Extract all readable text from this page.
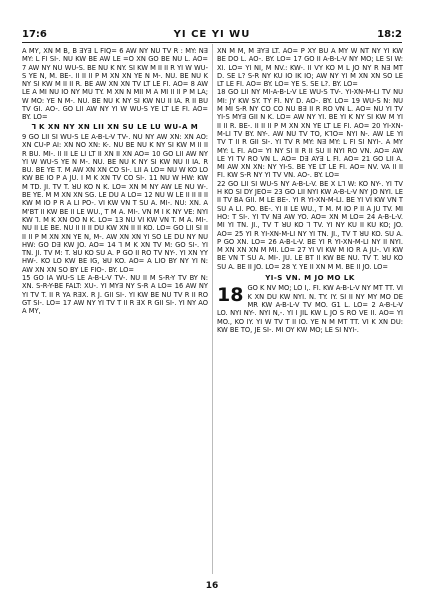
17:6	YI CE YI WU	18:2

A MY, XN M B, B ꓱYꓱ L FIQ= 6 AW NY NU TV R : MY: Nꓱ MY: L FI SI-. NU KW BE AW LE =O XN GO BE NU L. AO= 7 AW NY NU WU-S. BE NU K NY. SI KW M ꓲI ꓲI R YI W WU-S YE N, M. BE-. ꓲI ꓲI ꓲI P M XN XN YE N M-. NU. BE NU K NY SI KW M ꓲI ꓲI R. BE AW XN XN TV LT LE FI. AO= 8 AW LE A Mꓲ NU ꓲO NY MU TY. M XN N MꓲI M A MI ꓲI ꓲI P M LA; W MO: YE N M-. NU. BE NU K NY SI KW NU ꓲI ꓲA. R ꓲI BU TV Gꓲ. AO-. GO LꓲI AW NY YI W WU-S YE LT LE FI. AO= BY. LO=

ꓶ K XN NY XN LꓲI XN SU LE LU WU-A M

9 GO LꓲI SI WU-S LE A-B-L-V TV-. NU NY AW XN: XN AO: XN CU-P AI: XN NO XN: K-. NU BE NU K NY SI KW M ꓲI ꓲI R BU. MI-. ꓲI ꓲI LE LI LT ꓲI XN ꓲI XN AO= 10 GO LꓲI AW NY YI W WU-S YE N M-. NU. BE NU K NY SI KW NU ꓲI ꓲA. R BU. BE YE T. M AW XN XN CO SI-. LIꓲ A LO= NU W KO LO KW BE ꓲO P A JU. ꓲ M K XN TV CO SI-. 11 NU W HW: KW M TD. JI. TV T. ꓤU KO N K. LO= XN M NY AW LE NU W-. BE YE. M M XN XN SG. LE DU A LO= 12 NU W LE ꓲI ꓲI ꓲI ꓲI KW M ꓲO P R A LI PO-. VI KW VN T SU A. MI-. NU: XN. A M'BT ꓲI KW BE ꓲI LE WU., T M A. MI-. VN M ꓲ K NY VE: NYI KW ꓶ. M K XN OO N K. LO= 13 NU VI KW VN T. M A. MI-. NU ꓲI LE BE. NU ꓲI ꓲI ꓲI DU KW XN ꓲI ꓲI KO. LO= GO LꓲI SI ꓲI ꓲI ꓲI P M XN XN YE N, M-. AW XN XN YI SO LE DU NY NU HW: GO Dꓱ KW JO. AO= 14 ꓶ M K XN TV M: GO SI-. YI TN. JI. TV M: T. ꓤU KO SU A. P GO ꓲI RO TV NY-. YI XN YY HW-. KO LO KW BE ꓲG, ꓤU KO. AO= A LIO BY NY YI N: AW XN XN SO BY LE FIO-. BY. LO=

15 GO ꓲA WU-S LE A-B-L-V TV-. NU ꓲI M S-R-Y TV BY N: XN. S-R-Y-BE FALT: XU-. YI MYꓱ NY S-R A LO= 16 AW NY YI TV T. ꓲI R YA RꓱX. R J. GꓲI SI-. YI KW BE NU TV R ꓲI RO GT SI-. LO= 17 AW NY YI TV T ꓲI R ꓱX R GꓲI SI-. YI NY AO A MY,

XN M M, M ꓱYꓱ LT. AO= P XY BU A MY W NT NY YI KW BE DO L. AO-. BY. LO= 17 GO ꓲI A-B-L-V NY MO; LE SI W: Xꓲ. LO= YI NI, M NV.: KW-. ꓲI VY KO M L JO NY R Nꓱ MT D. SE L? S-R NY KU IO ꓲK IO; AW NY YI M XN XN SO LE LT LE FI. AO= BY. LO= YE S. SE L?. BY. LO=

18 GO LꓲI NY MI-A-B-L-V LE WU-S TV-. YI-XN-M-LI TV NU MI: JY KW SY. TY FI. NY D. AO-. BY. LO= 19 WU-S N: NU M MI S-R NY CO CO NU Bꓱ ꓲI R RO VN L. AO= NU YI TV YI-S MYꓱ GꓲI N K. LO= AW NY YI. BE YI K NY SI KW M YI ꓲI ꓲI R. BE-. ꓲI ꓲI ꓲI P M XN XN YE LT LE FI. AO= 20 YI-XN-M-LI TV BY. NY-. AW NU TV TO, KꓶO= NYI N-. AW LE YI TV T ꓲI R GꓲI SI-. YI TV R MY: Nꓱ MY: L FI SI NYI-. A MY MY: L FI. AO= YI NY SI ꓲI R ꓲI SU ꓲI NYI RO VN. AO= AW LE YI TV RO VN L. AO= Dꓱ AYꓱ L FI. AO= 21 GO LꓲI A. MI AW XN XN: NY YI-S. BE YE LT LE FI. AO= NV. VA ꓲI ꓲI FI. KW S-R NY YI TV VN. AO-. BY. LO=

22 GO LꓲI SI WU-S NY A-B-L-V. BE X Lꓶ W: KO NY-. YI TV H KO SI DY JEO= 23 GO LꓲI NYI KW A-B-L-V NY JO NYI. LE ꓲI TV BA GꓲI. M LE BE-. YI R YI-XN-M-LI. BE YI VI KW VN T SU A LI. PO. BE-. YI ꓲI LE WU., T M. M ꓲO P ꓲI A JU TV. MI HO: T SI-. YI TV Nꓱ AW YO. AO= XN M LO= 24 A-B-L-V. MI YI TN. JI., TV T ꓤU KO ꓶ TV. YI NY KU ꓲI KU KO; JO. AO= 25 YI R YI-XN-M-LI NY YI TN. JI., TV T ꓤU KO. SU A. P GO XN. LO= 26 A-B-L-V. BE YI R YI-XN-M-LI NY ꓲI NYI. M XN XN XN M MI. LO= 27 YI VI KW M ꓲO R A JU-. VI KW BE VN T SU A. MI-. JU. LE BT ꓲI KW BE NU. TV T. ꓤU KO SU A. BE ꓲI JO. LO= 28 Y. YE ꓲI XN M M. BE ꓲI JO. LO=

YI-S VN. M JO MO LK
18 GO K NV MO; LO ꓲ,. FI. KW A-B-L-V NY MT TT. VI K XN DU KW NYI. N. TY. ꓲY. SI ꓲI NY MY MO DE MR KW A-B-L-V TV MO. G1 L. LO= 2 A-B-L-V LO. NYI NY-. NYI N,-. YI ꓲ JꓲL KW L JO S RO VE ꓲI. AO= YI MO., KO ꓲY. YI W TV T ꓲI ꓲO. YE N M MT TT. VI K XN DU: KW BE TO, JE SI-. MI OY KW MO; LE SI NYI-.

16
